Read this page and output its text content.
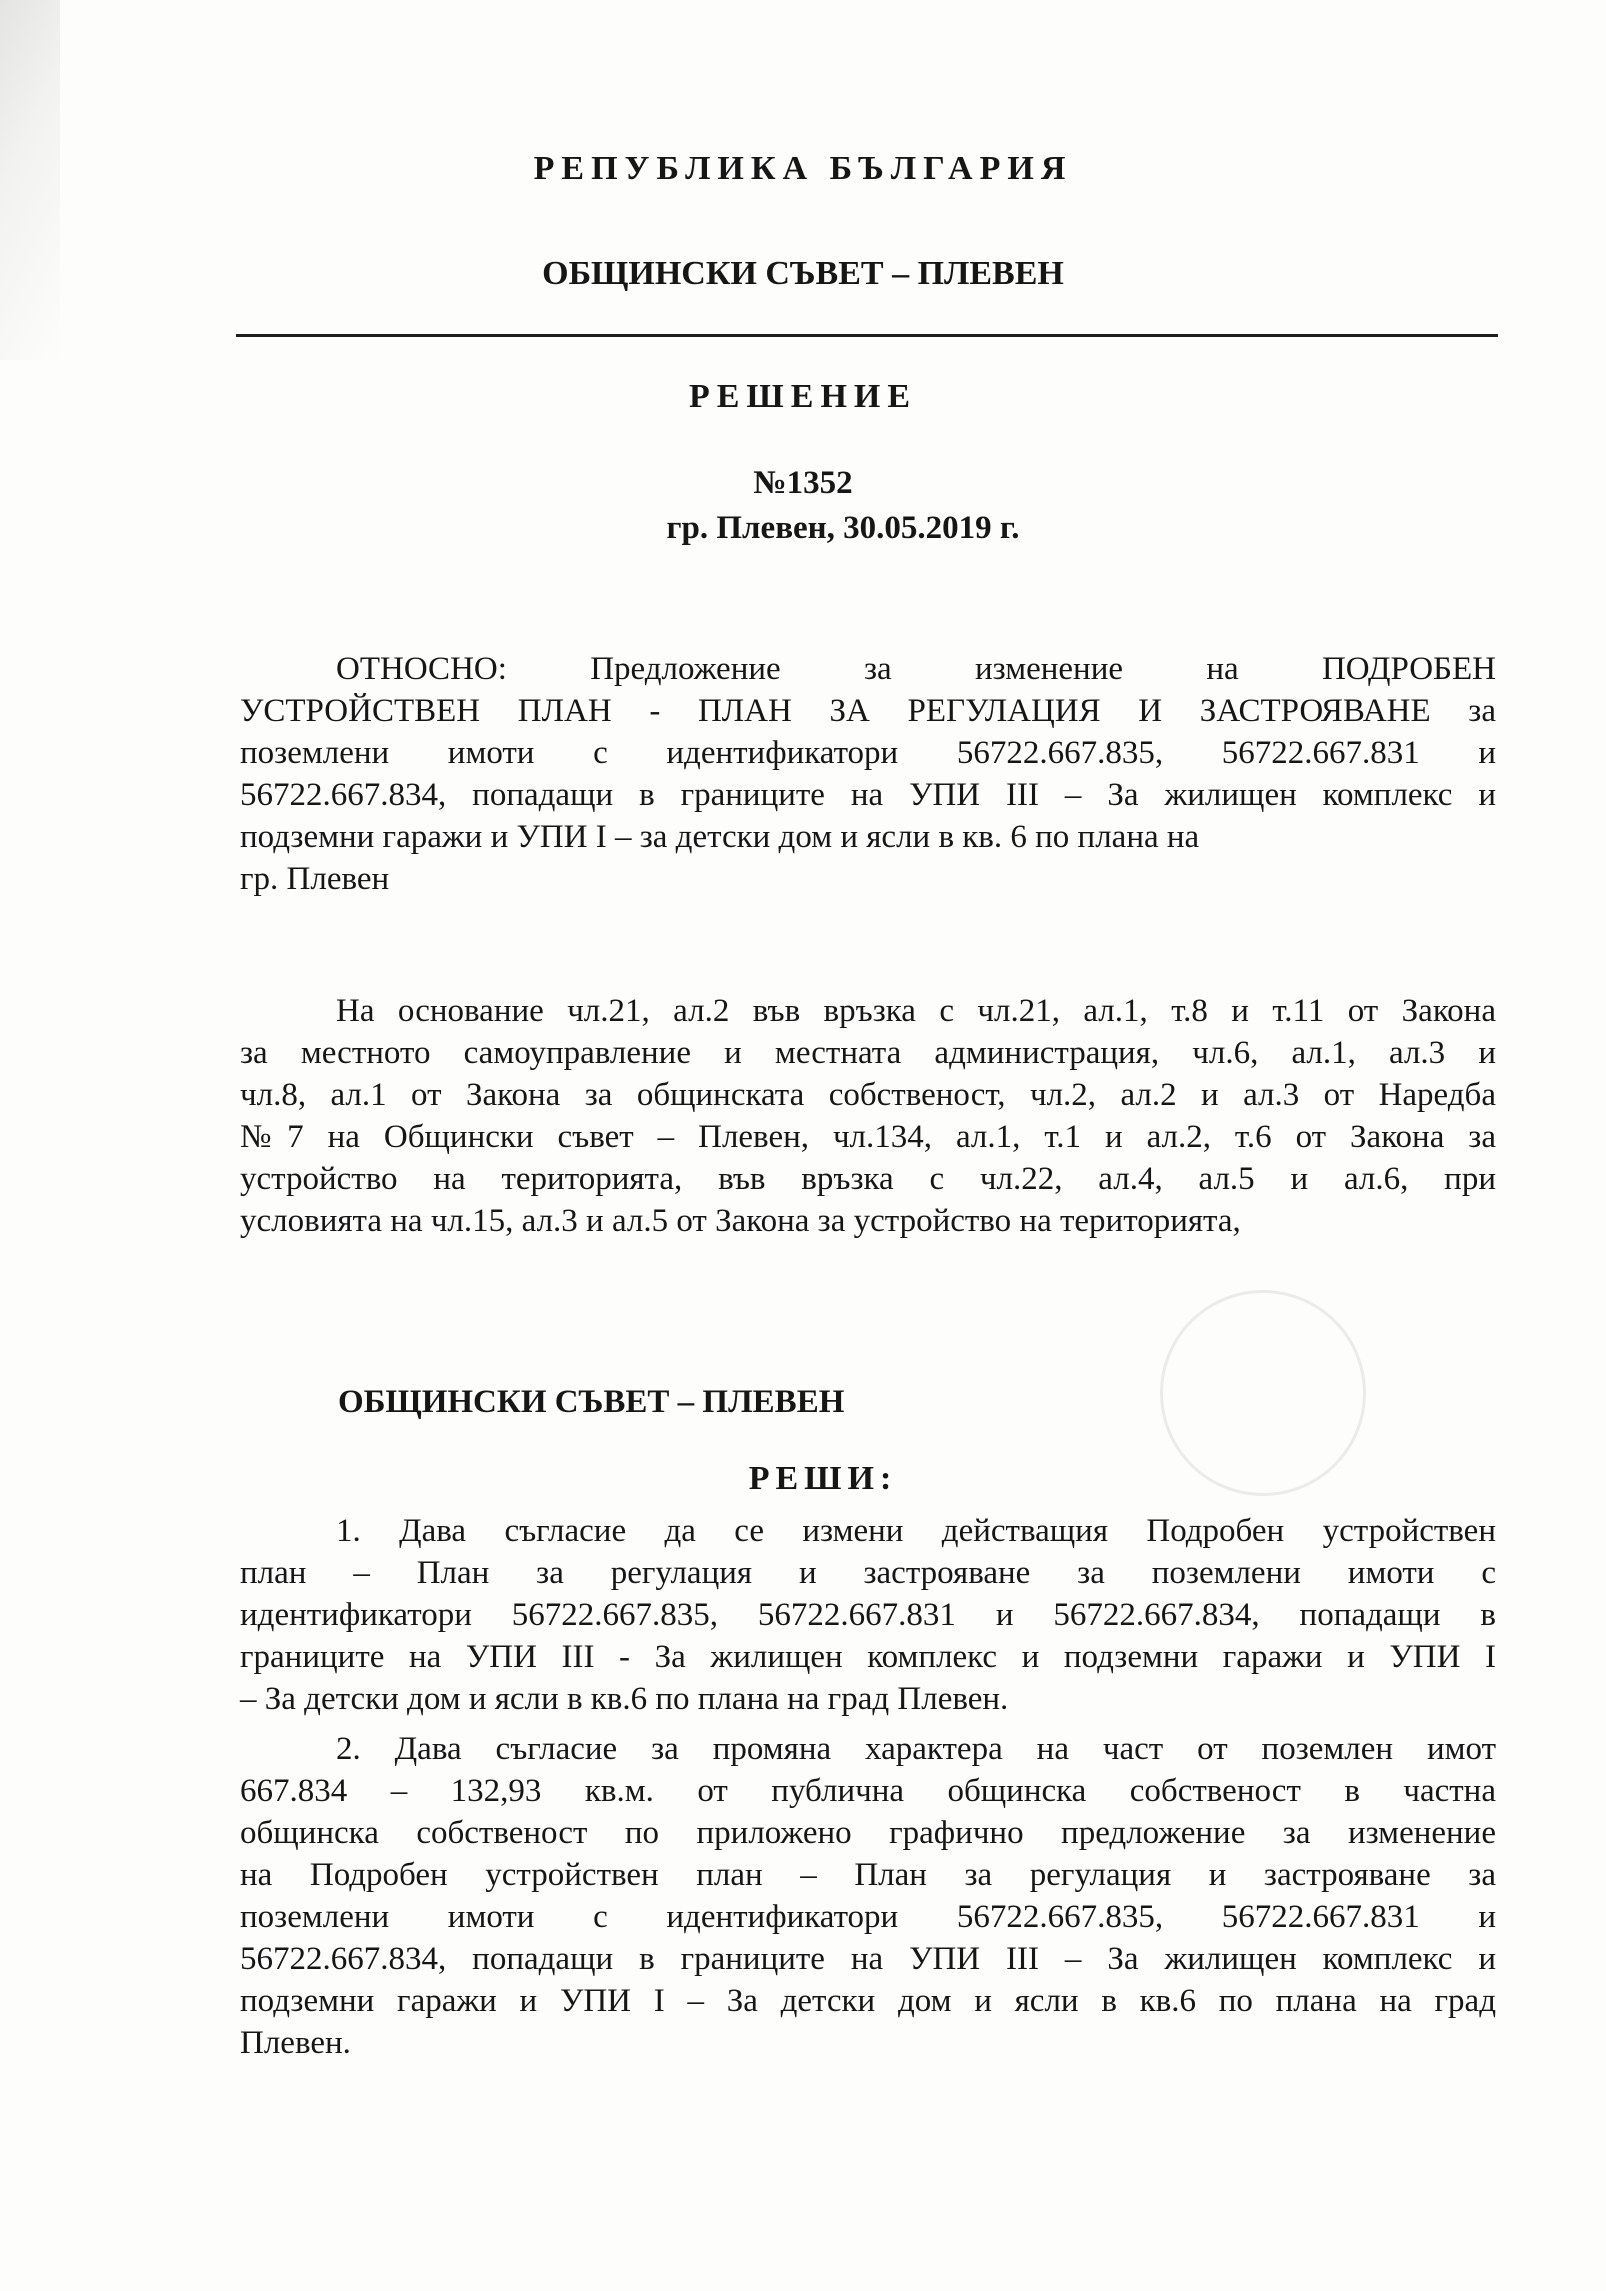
РЕПУБЛИКА БЪЛГАРИЯ
ОБЩИНСКИ СЪВЕТ – ПЛЕВЕН
РЕШЕНИЕ
№1352
гр. Плевен, 30.05.2019 г.
ОТНОСНО: Предложение за изменение на ПОДРОБЕН
УСТРОЙСТВЕН ПЛАН - ПЛАН ЗА РЕГУЛАЦИЯ И ЗАСТРОЯВАНЕ за
поземлени имоти с идентификатори 56722.667.835, 56722.667.831 и
56722.667.834, попадащи в границите на УПИ III – За жилищен комплекс и
подземни гаражи и УПИ I – за детски дом и ясли в кв. 6 по плана на
гр. Плевен
На основание чл.21, ал.2 във връзка с чл.21, ал.1, т.8 и т.11 от Закона
за местното самоуправление и местната администрация, чл.6, ал.1, ал.3 и
чл.8, ал.1 от Закона за общинската собственост, чл.2, ал.2 и ал.3 от Наредба
№7 на Общински съвет – Плевен, чл.134, ал.1, т.1 и ал.2, т.6 от Закона за
устройство на територията, във връзка с чл.22, ал.4, ал.5 и ал.6, при
условията на чл.15, ал.3 и ал.5 от Закона за устройство на територията,
ОБЩИНСКИ СЪВЕТ – ПЛЕВЕН
РЕШИ:
1. Дава съгласие да се измени действащия Подробен устройствен
план – План за регулация и застрояване за поземлени имоти с
идентификатори 56722.667.835, 56722.667.831 и 56722.667.834, попадащи в
границите на УПИ III - За жилищен комплекс и подземни гаражи и УПИ I
– За детски дом и ясли в кв.6 по плана на град Плевен.
2. Дава съгласие за промяна характера на част от поземлен имот
667.834 – 132,93 кв.м. от публична общинска собственост в частна
общинска собственост по приложено графично предложение за изменение
на Подробен устройствен план – План за регулация и застрояване за
поземлени имоти с идентификатори 56722.667.835, 56722.667.831 и
56722.667.834, попадащи в границите на УПИ III – За жилищен комплекс и
подземни гаражи и УПИ I – За детски дом и ясли в кв.6 по плана на град
Плевен.
